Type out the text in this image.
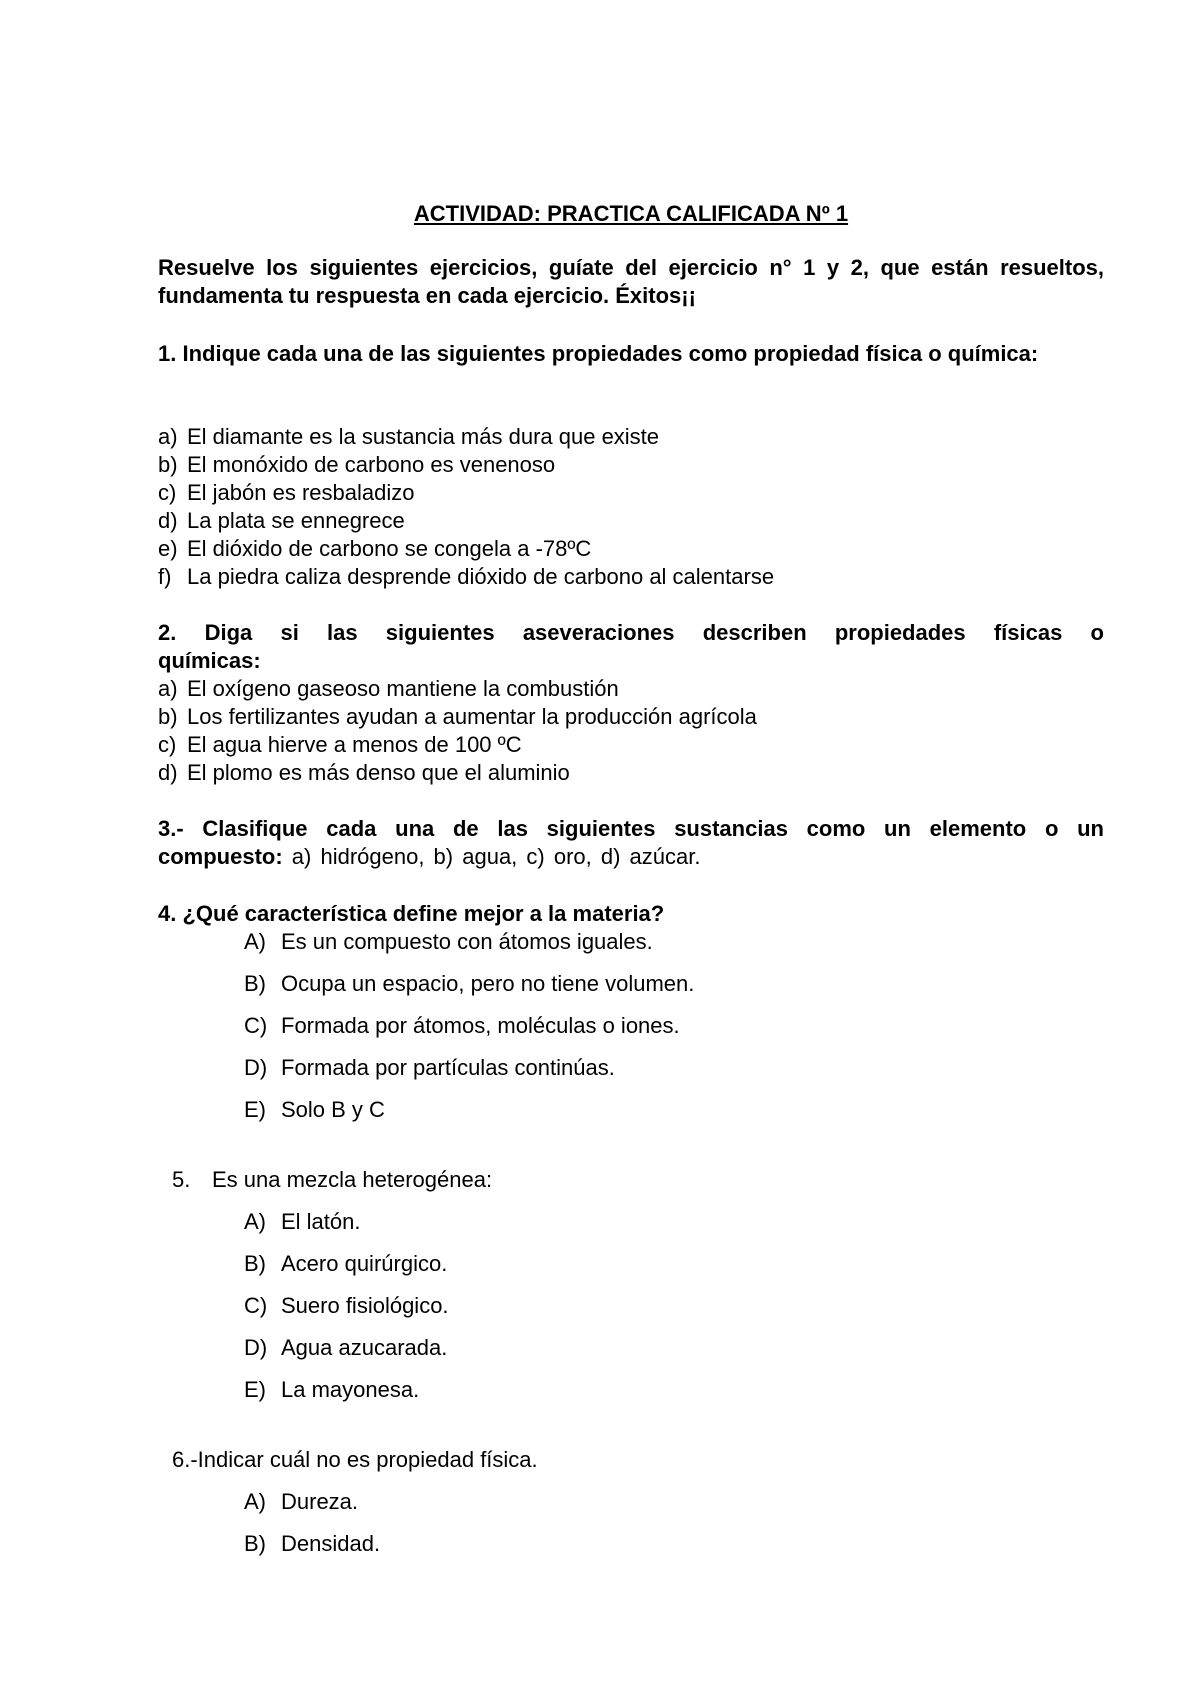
ACTIVIDAD: PRACTICA CALIFICADA Nº 1
Resuelve los siguientes ejercicios, guíate del ejercicio n° 1 y 2, que están resueltos, fundamenta tu respuesta en cada ejercicio. Éxitos¡¡
1. Indique cada una de las siguientes propiedades como propiedad física o química:
a) El diamante es la sustancia más dura que existe
b) El monóxido de carbono es venenoso
c) El jabón es resbaladizo
d) La plata se ennegrece
e) El dióxido de carbono se congela a -78ºC
f) La piedra caliza desprende dióxido de carbono al calentarse
2. Diga si las siguientes aseveraciones describen propiedades físicas o químicas:
a) El oxígeno gaseoso mantiene la combustión
b) Los fertilizantes ayudan a aumentar la producción agrícola
c) El agua hierve a menos de 100 ºC
d) El plomo es más denso que el aluminio
3.- Clasifique cada una de las siguientes sustancias como un elemento o un compuesto: a) hidrógeno, b) agua, c) oro, d) azúcar.
4. ¿Qué característica define mejor a la materia?
A) Es un compuesto con átomos iguales.
B) Ocupa un espacio, pero no tiene volumen.
C) Formada por átomos, moléculas o iones.
D) Formada por partículas continúas.
E) Solo B y C
5. Es una mezcla heterogénea:
A) El latón.
B) Acero quirúrgico.
C) Suero fisiológico.
D) Agua azucarada.
E) La mayonesa.
6.-Indicar cuál no es propiedad física.
A) Dureza.
B) Densidad.
